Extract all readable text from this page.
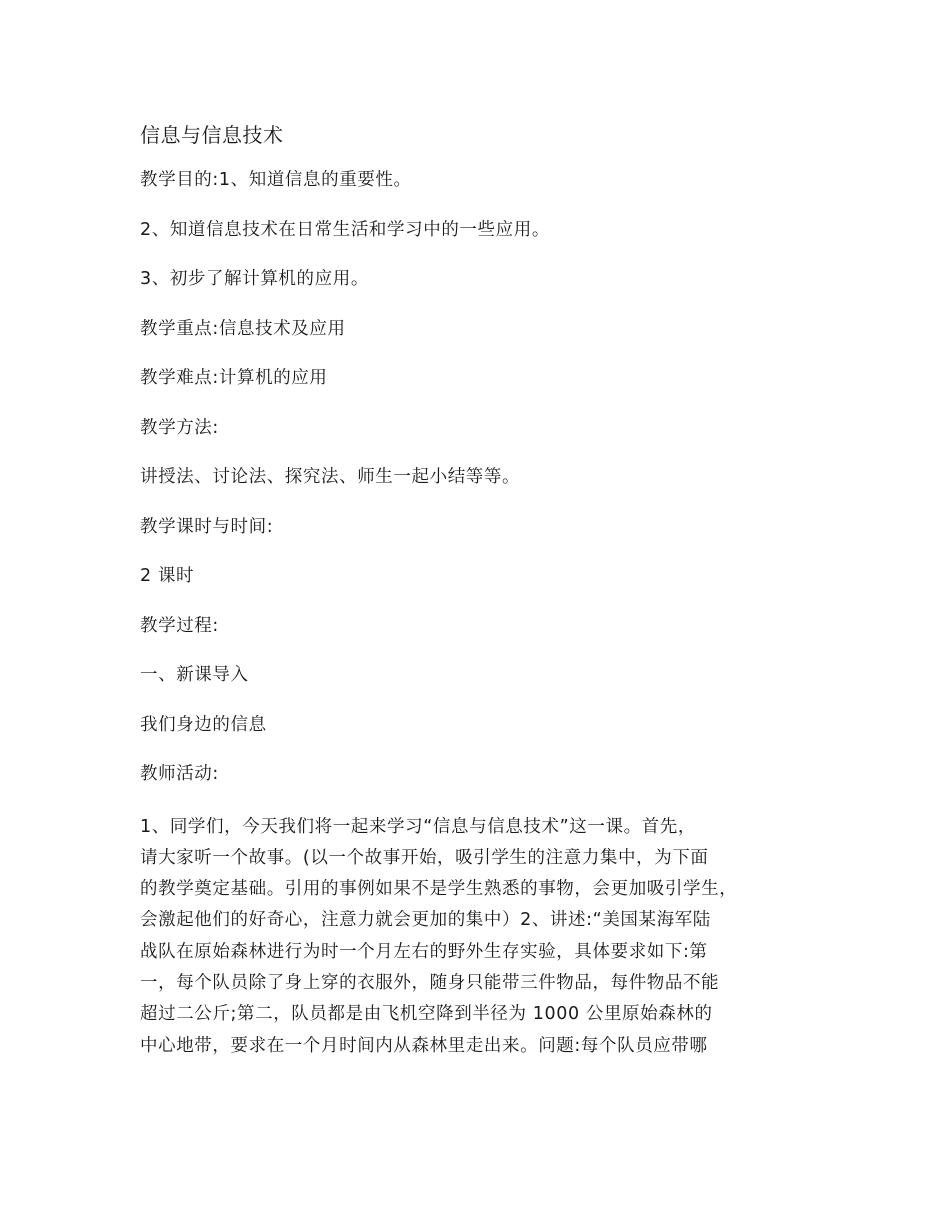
信息与信息技术

教学目的:1、知道信息的重要性。

2、知道信息技术在日常生活和学习中的一些应用。

3、初步了解计算机的应用。

教学重点:信息技术及应用

教学难点:计算机的应用

教学方法:

讲授法、讨论法、探究法、师生一起小结等等。

教学课时与时间:

2 课时

教学过程:

一、新课导入

我们身边的信息

教师活动:

1、同学们，今天我们将一起来学习“信息与信息技术”这一课。首先，
请大家听一个故事。(以一个故事开始，吸引学生的注意力集中，为下面
的教学奠定基础。引用的事例如果不是学生熟悉的事物，会更加吸引学生，
会激起他们的好奇心，注意力就会更加的集中）2、讲述:“美国某海军陆
战队在原始森林进行为时一个月左右的野外生存实验，具体要求如下:第
一，每个队员除了身上穿的衣服外，随身只能带三件物品，每件物品不能
超过二公斤;第二，队员都是由飞机空降到半径为 1000 公里原始森林的
中心地带，要求在一个月时间内从森林里走出来。问题:每个队员应带哪
